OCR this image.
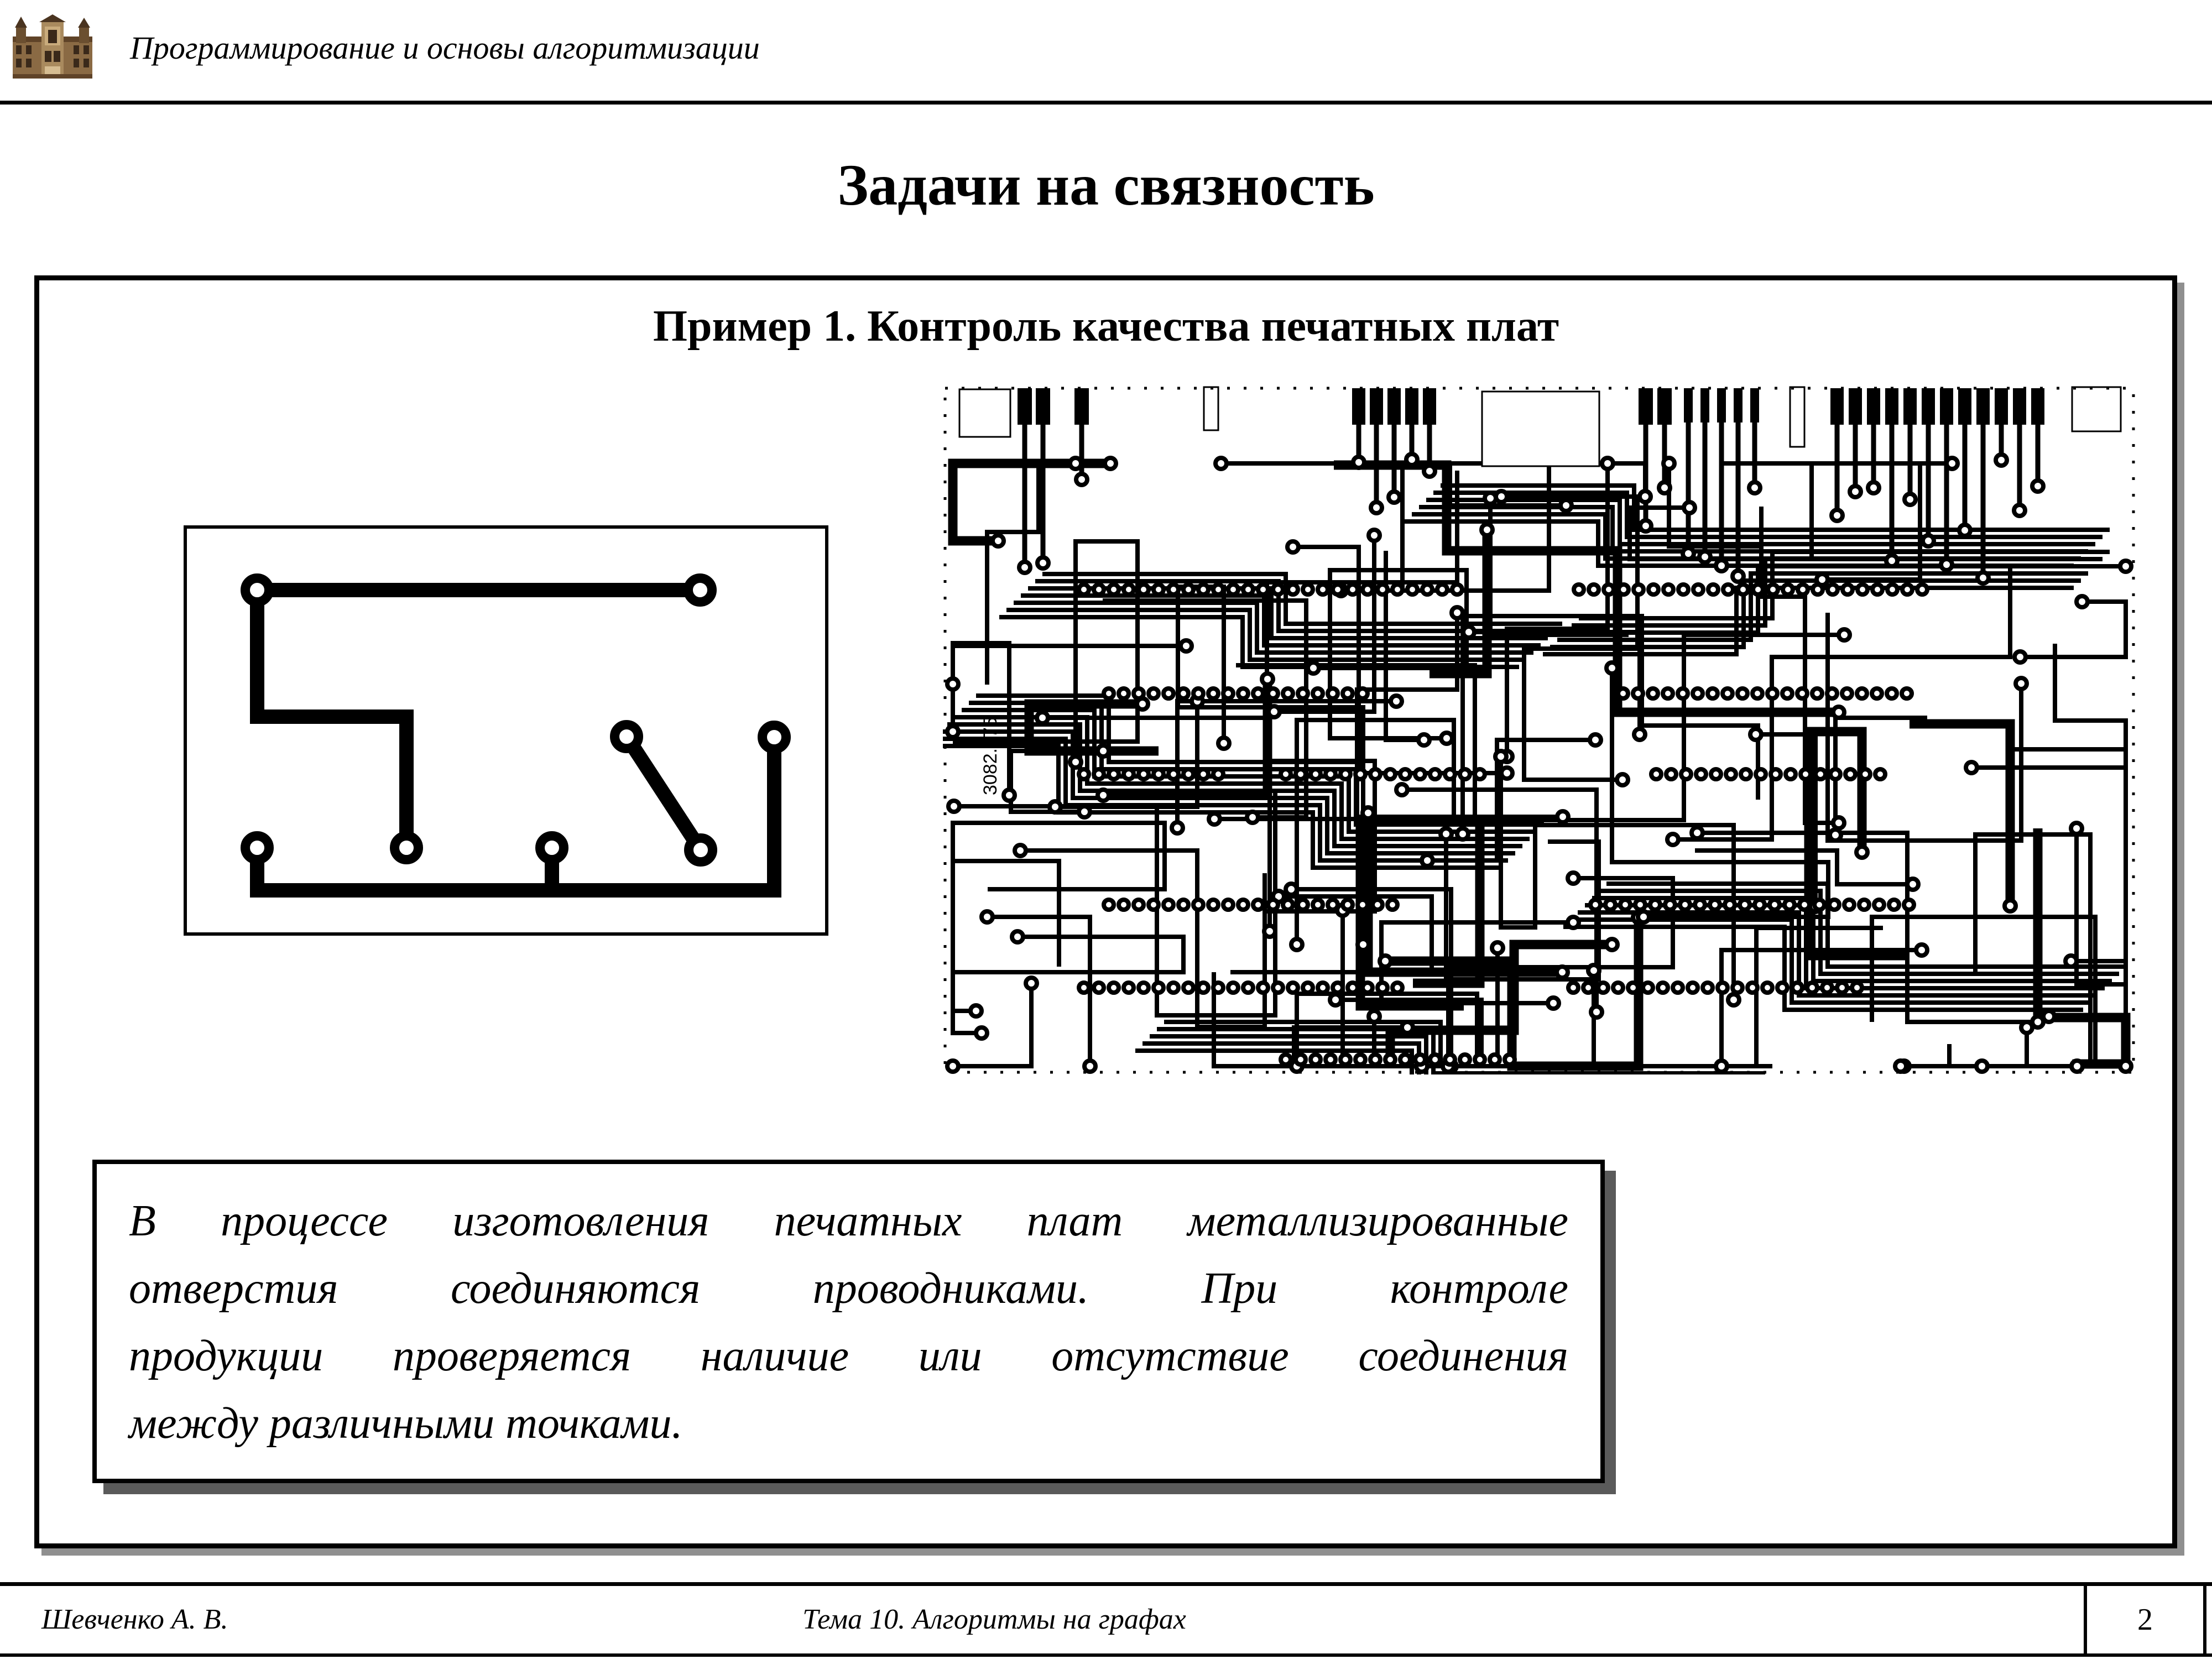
Программирование и основы алгоритмизации
Задачи на связность
Пример 1. Контроль качества печатных плат
3082.475
В процессе изготовления печатных плат металлизированные
отверстия соединяются проводниками. При контроле
продукции проверяется наличие или отсутствие соединения
между различными точками.
Шевченко А. В.	Тема 10. Алгоритмы на графах	2
